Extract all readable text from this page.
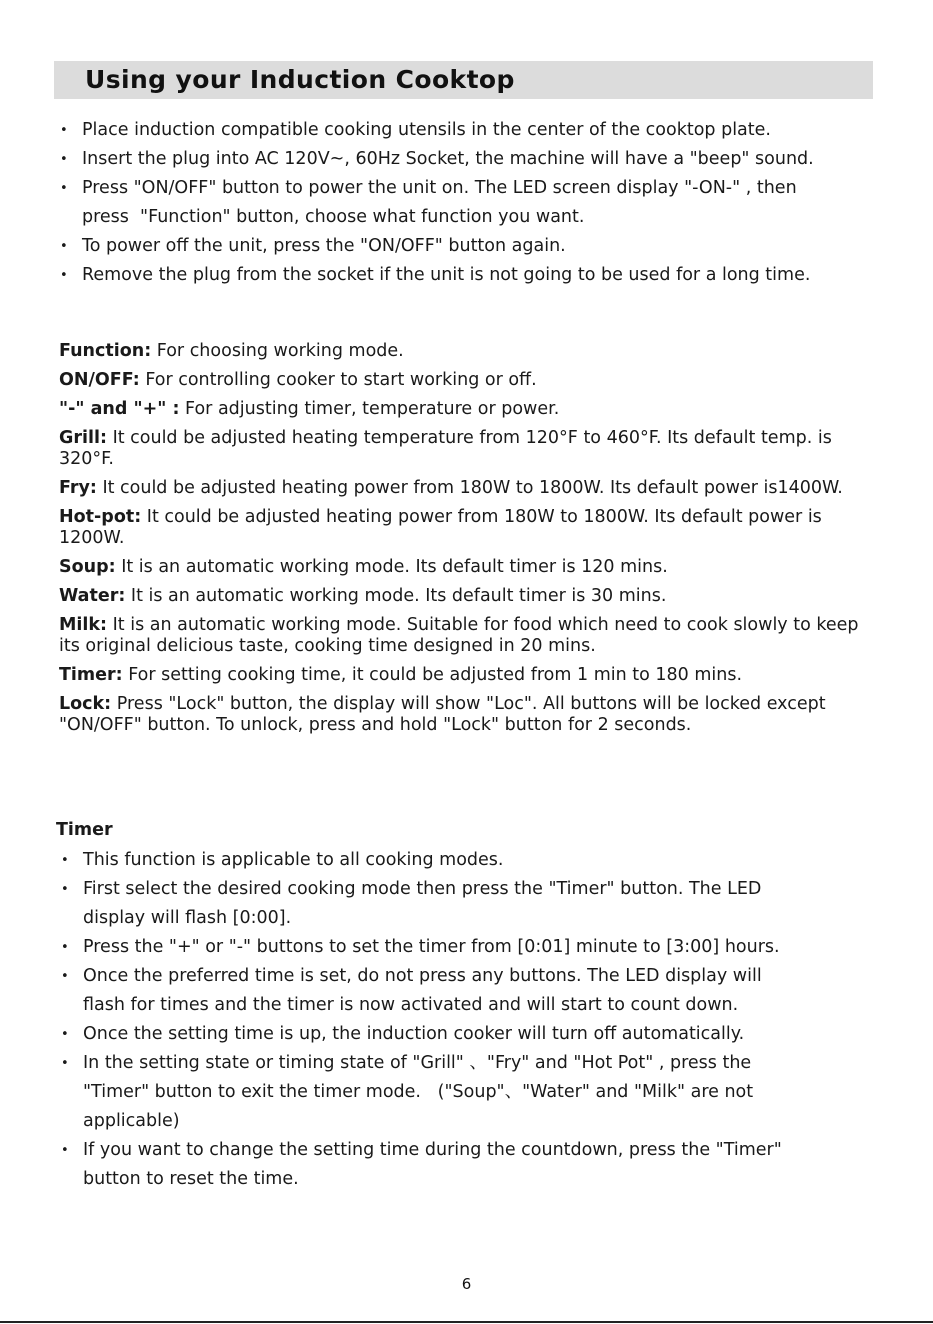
Using your Induction Cooktop
• Place induction compatible cooking utensils in the center of the cooktop plate.
• Insert the plug into AC 120V~, 60Hz Socket, the machine will have a "beep" sound.
• Press "ON/OFF" button to power the unit on. The LED screen display "-ON-" , then
press  "Function" button, choose what function you want.
• To power off the unit, press the "ON/OFF" button again.
• Remove the plug from the socket if the unit is not going to be used for a long time.

Function: For choosing working mode.

ON/OFF: For controlling cooker to start working or off.

"-" and "+" : For adjusting timer, temperature or power.

Grill: It could be adjusted heating temperature from 120°F to 460°F. Its default temp. is 320°F.

Fry: It could be adjusted heating power from 180W to 1800W. Its default power is1400W.

Hot-pot: It could be adjusted heating power from 180W to 1800W. Its default power is 1200W.

Soup: It is an automatic working mode. Its default timer is 120 mins.

Water: It is an automatic working mode. Its default timer is 30 mins.

Milk: It is an automatic working mode. Suitable for food which need to cook slowly to keep its original delicious taste, cooking time designed in 20 mins.

Timer: For setting cooking time, it could be adjusted from 1 min to 180 mins.

Lock: Press "Lock" button, the display will show "Loc". All buttons will be locked except "ON/OFF" button. To unlock, press and hold "Lock" button for 2 seconds.

Timer
• This function is applicable to all cooking modes.
• First select the desired cooking mode then press the "Timer" button. The LED
display will flash [0:00].
• Press the "+" or "-" buttons to set the timer from [0:01] minute to [3:00] hours.
• Once the preferred time is set, do not press any buttons. The LED display will
flash for times and the timer is now activated and will start to count down.
• Once the setting time is up, the induction cooker will turn off automatically.
• In the setting state or timing state of "Grill" 、"Fry" and "Hot Pot" , press the
"Timer" button to exit the timer mode.   ("Soup"、"Water" and "Milk" are not
applicable)
• If you want to change the setting time during the countdown, press the "Timer"
button to reset the time.
6
